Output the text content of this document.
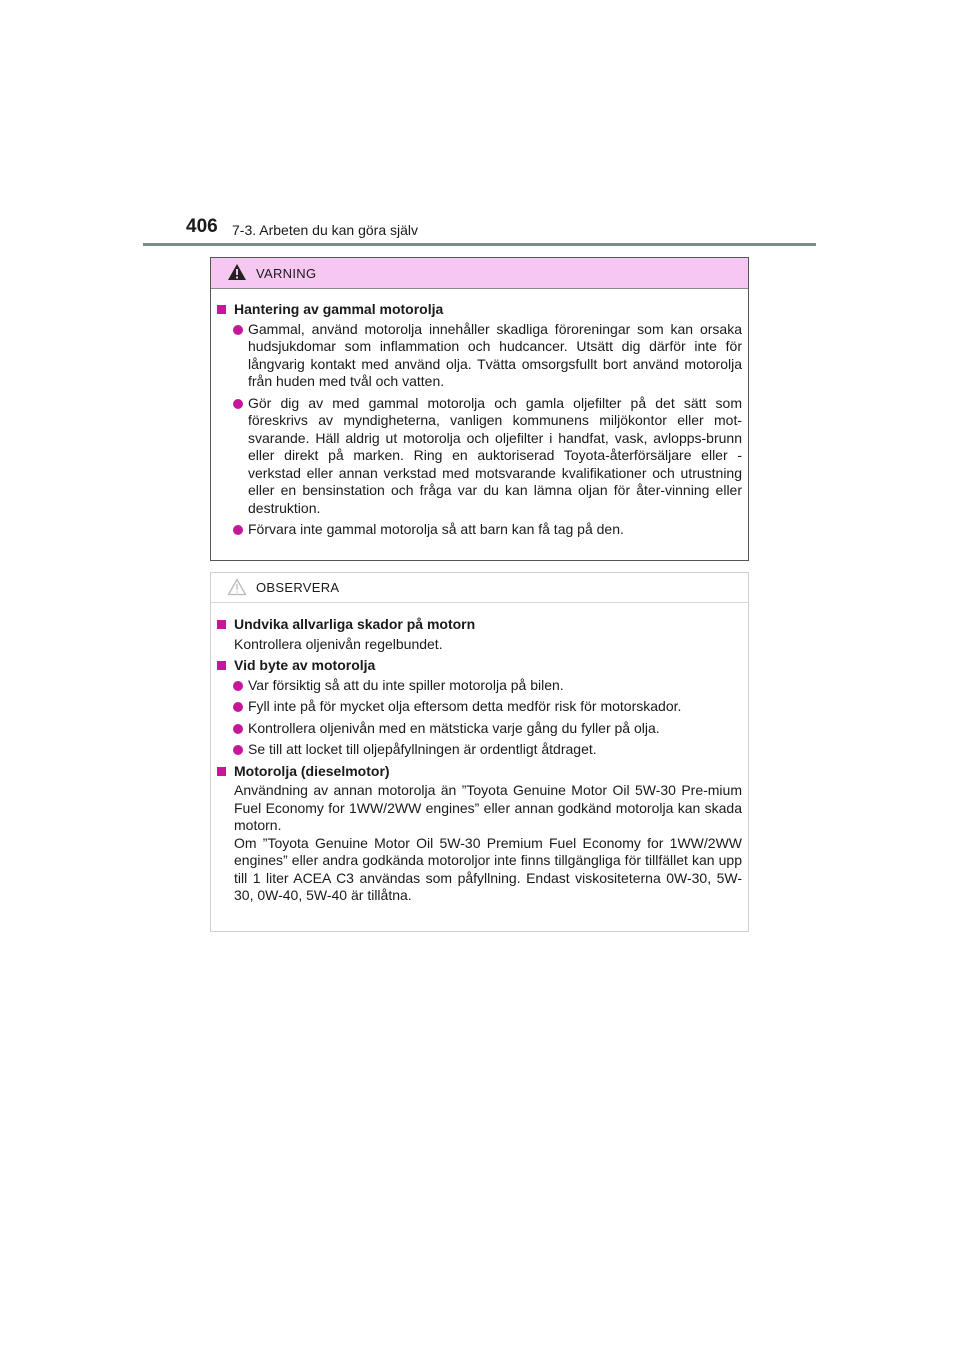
406 7-3. Arbeten du kan göra själv
VARNING
Hantering av gammal motorolja
Gammal, använd motorolja innehåller skadliga föroreningar som kan orsaka hudsjukdomar som inflammation och hudcancer. Utsätt dig därför inte för långvarig kontakt med använd olja. Tvätta omsorgsfullt bort använd motorolja från huden med tvål och vatten.
Gör dig av med gammal motorolja och gamla oljefilter på det sätt som föreskrivs av myndigheterna, vanligen kommunens miljökontor eller mot-svarande. Häll aldrig ut motorolja och oljefilter i handfat, vask, avlopps-brunn eller direkt på marken. Ring en auktoriserad Toyota-återförsäljare eller -verkstad eller annan verkstad med motsvarande kvalifikationer och utrustning eller en bensinstation och fråga var du kan lämna oljan för åter-vinning eller destruktion.
Förvara inte gammal motorolja så att barn kan få tag på den.
OBSERVERA
Undvika allvarliga skador på motorn
Kontrollera oljenivån regelbundet.
Vid byte av motorolja
Var försiktig så att du inte spiller motorolja på bilen.
Fyll inte på för mycket olja eftersom detta medför risk för motorskador.
Kontrollera oljenivån med en mätsticka varje gång du fyller på olja.
Se till att locket till oljepåfyllningen är ordentligt åtdraget.
Motorolja (dieselmotor)
Användning av annan motorolja än ”Toyota Genuine Motor Oil 5W-30 Pre-mium Fuel Economy for 1WW/2WW engines” eller annan godkänd motorolja kan skada motorn.
Om ”Toyota Genuine Motor Oil 5W-30 Premium Fuel Economy for 1WW/2WW engines” eller andra godkända motoroljor inte finns tillgängliga för tillfället kan upp till 1 liter ACEA C3 användas som påfyllning. Endast viskositeterna 0W-30, 5W-30, 0W-40, 5W-40 är tillåtna.
